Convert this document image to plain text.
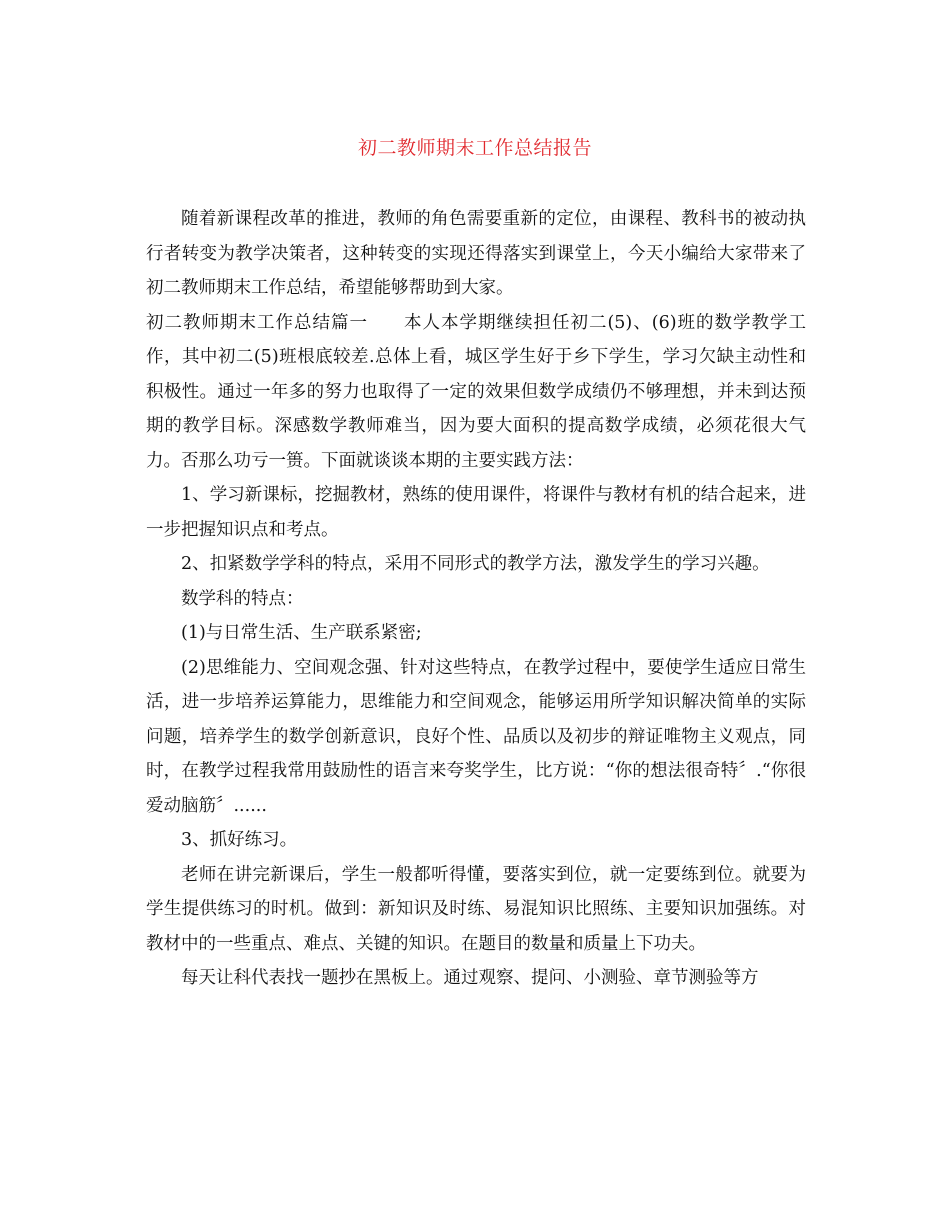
初二教师期末工作总结报告

随着新课程改革的推进，教师的角色需要重新的定位，由课程、教科书的被动执行者转变为教学决策者，这种转变的实现还得落实到课堂上，今天小编给大家带来了初二教师期末工作总结，希望能够帮助到大家。

初二教师期末工作总结篇一 本人本学期继续担任初二(5)、(6)班的数学教学工作，其中初二(5)班根底较差.总体上看，城区学生好于乡下学生，学习欠缺主动性和积极性。通过一年多的努力也取得了一定的效果但数学成绩仍不够理想，并未到达预期的教学目标。深感数学教师难当，因为要大面积的提高数学成绩，必须花很大气力。否那么功亏一篑。下面就谈谈本期的主要实践方法：

1、学习新课标，挖掘教材，熟练的使用课件，将课件与教材有机的结合起来，进一步把握知识点和考点。

2、扣紧数学学科的特点，采用不同形式的教学方法，激发学生的学习兴趣。

数学科的特点：

(1)与日常生活、生产联系紧密;

(2)思维能力、空间观念强、针对这些特点，在教学过程中，要使学生适应日常生活，进一步培养运算能力，思维能力和空间观念，能够运用所学知识解决简单的实际问题，培养学生的数学创新意识，良好个性、品质以及初步的辩证唯物主义观点，同时，在教学过程我常用鼓励性的语言来夸奖学生，比方说：“你的想法很奇特〞.“你很爱动脑筋〞......

3、抓好练习。

老师在讲完新课后，学生一般都听得懂，要落实到位，就一定要练到位。就要为学生提供练习的时机。做到：新知识及时练、易混知识比照练、主要知识加强练。对教材中的一些重点、难点、关键的知识。在题目的数量和质量上下功夫。

每天让科代表找一题抄在黑板上。通过观察、提问、小测验、章节测验等方
